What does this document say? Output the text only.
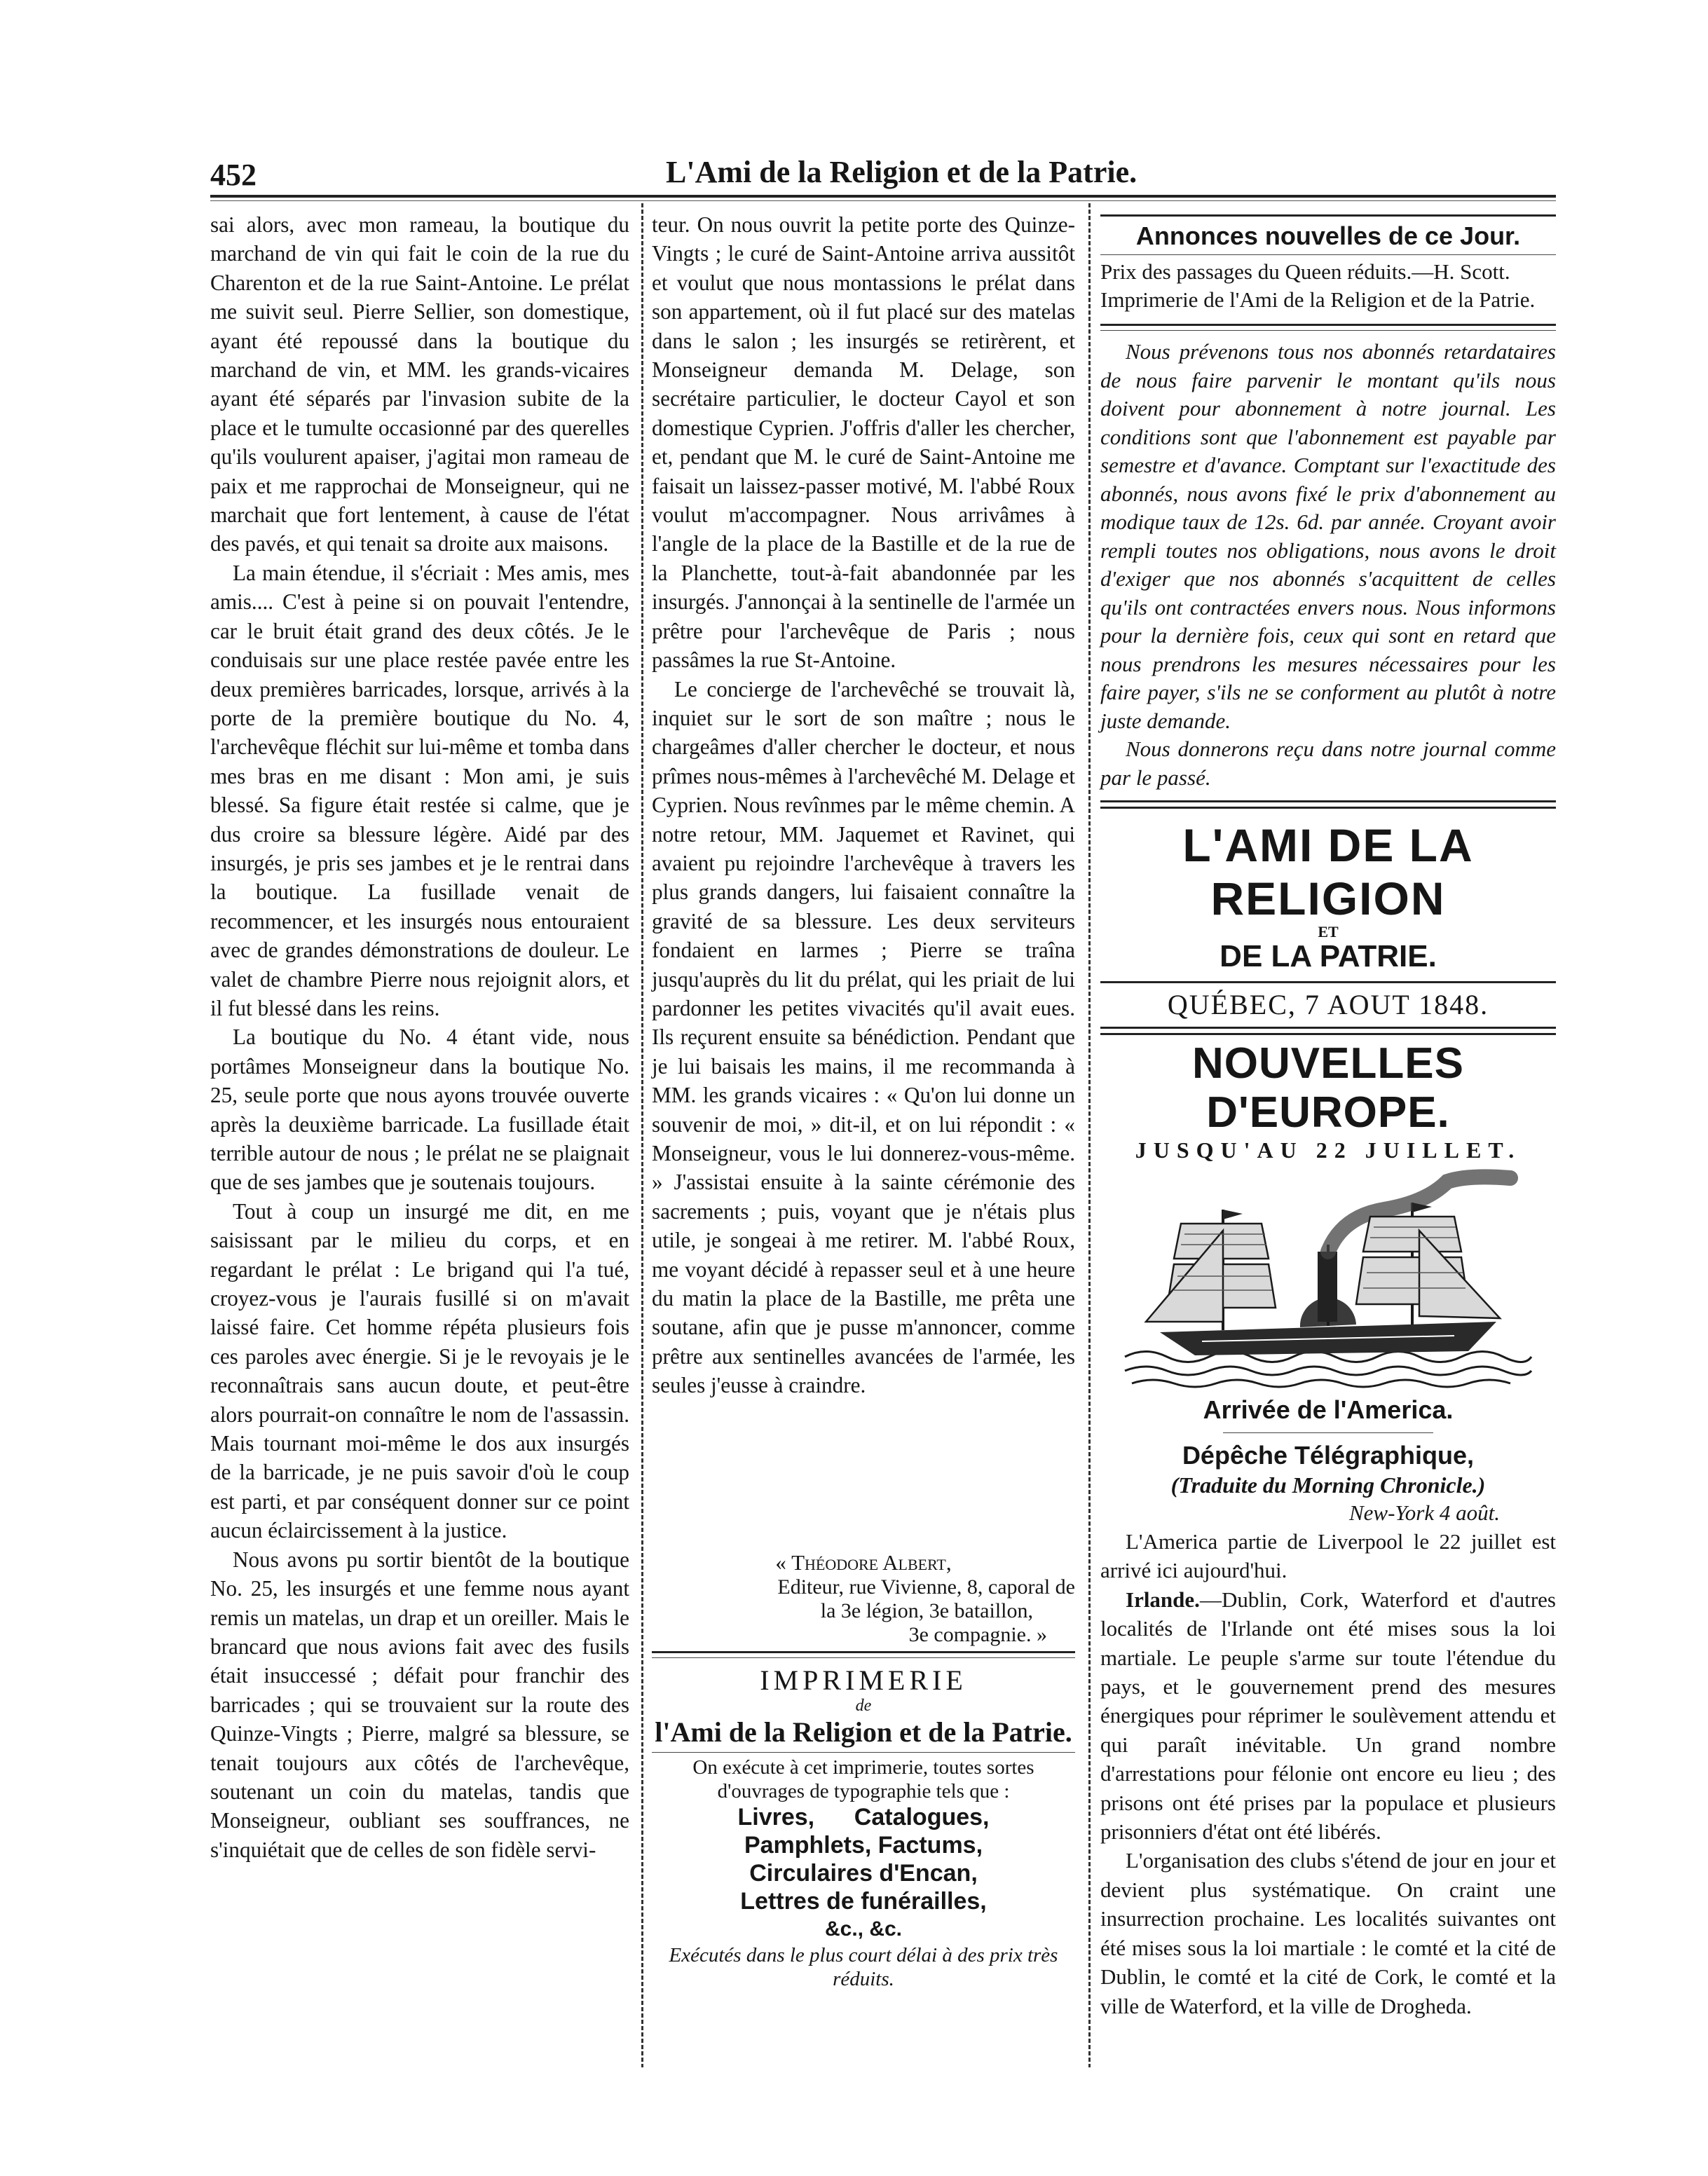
452	L'Ami de la Religion et de la Patrie.

sai alors, avec mon rameau, la boutique du marchand de vin qui fait le coin de la rue du Charenton et de la rue Saint-Antoine. Le prélat me suivit seul. Pierre Sellier, son domestique, ayant été repoussé dans la boutique du marchand de vin, et MM. les grands-vicaires ayant été séparés par l'invasion subite de la place et le tumulte occasionné par des querelles qu'ils voulurent apaiser, j'agitai mon rameau de paix et me rapprochai de Monseigneur, qui ne marchait que fort lentement, à cause de l'état des pavés, et qui tenait sa droite aux maisons.

La main étendue, il s'écriait : Mes amis, mes amis.... C'est à peine si on pouvait l'entendre, car le bruit était grand des deux côtés. Je le conduisais sur une place restée pavée entre les deux premières barricades, lorsque, arrivés à la porte de la première boutique du No. 4, l'archevêque fléchit sur lui-même et tomba dans mes bras en me disant : Mon ami, je suis blessé. Sa figure était restée si calme, que je dus croire sa blessure légère. Aidé par des insurgés, je pris ses jambes et je le rentrai dans la boutique. La fusillade venait de recommencer, et les insurgés nous entouraient avec de grandes démonstrations de douleur. Le valet de chambre Pierre nous rejoignit alors, et il fut blessé dans les reins.

La boutique du No. 4 étant vide, nous portâmes Monseigneur dans la boutique No. 25, seule porte que nous ayons trouvée ouverte après la deuxième barricade. La fusillade était terrible autour de nous ; le prélat ne se plaignait que de ses jambes que je soutenais toujours.

Tout à coup un insurgé me dit, en me saisissant par le milieu du corps, et en regardant le prélat : Le brigand qui l'a tué, croyez-vous je l'aurais fusillé si on m'avait laissé faire. Cet homme répéta plusieurs fois ces paroles avec énergie. Si je le revoyais je le reconnaîtrais sans aucun doute, et peut-être alors pourrait-on connaître le nom de l'assassin. Mais tournant moi-même le dos aux insurgés de la barricade, je ne puis savoir d'où le coup est parti, et par conséquent donner sur ce point aucun éclaircissement à la justice.

Nous avons pu sortir bientôt de la boutique No. 25, les insurgés et une femme nous ayant remis un matelas, un drap et un oreiller. Mais le brancard que nous avions fait avec des fusils était insuccessé ; défait pour franchir des barricades ; qui se trouvaient sur la route des Quinze-Vingts ; Pierre, malgré sa blessure, se tenait toujours aux côtés de l'archevêque, soutenant un coin du matelas, tandis que Monseigneur, oubliant ses souffrances, ne s'inquiétait que de celles de son fidèle servi-

teur. On nous ouvrit la petite porte des Quinze-Vingts ; le curé de Saint-Antoine arriva aussitôt et voulut que nous montassions le prélat dans son appartement, où il fut placé sur des matelas dans le salon ; les insurgés se retirèrent, et Monseigneur demanda M. Delage, son secrétaire particulier, le docteur Cayol et son domestique Cyprien. J'offris d'aller les chercher, et, pendant que M. le curé de Saint-Antoine me faisait un laissez-passer motivé, M. l'abbé Roux voulut m'accompagner. Nous arrivâmes à l'angle de la place de la Bastille et de la rue de la Planchette, tout-à-fait abandonnée par les insurgés. J'annonçai à la sentinelle de l'armée un prêtre pour l'archevêque de Paris ; nous passâmes la rue St-Antoine.

Le concierge de l'archevêché se trouvait là, inquiet sur le sort de son maître ; nous le chargeâmes d'aller chercher le docteur, et nous prîmes nous-mêmes à l'archevêché M. Delage et Cyprien. Nous revînmes par le même chemin. A notre retour, MM. Jaquemet et Ravinet, qui avaient pu rejoindre l'archevêque à travers les plus grands dangers, lui faisaient connaître la gravité de sa blessure. Les deux serviteurs fondaient en larmes ; Pierre se traîna jusqu'auprès du lit du prélat, qui les priait de lui pardonner les petites vivacités qu'il avait eues. Ils reçurent ensuite sa bénédiction. Pendant que je lui baisais les mains, il me recommanda à MM. les grands vicaires : « Qu'on lui donne un souvenir de moi, » dit-il, et on lui répondit : « Monseigneur, vous le lui donnerez-vous-même. » J'assistai ensuite à la sainte cérémonie des sacrements ; puis, voyant que je n'étais plus utile, je songeai à me retirer. M. l'abbé Roux, me voyant décidé à repasser seul et à une heure du matin la place de la Bastille, me prêta une soutane, afin que je pusse m'annoncer, comme prêtre aux sentinelles avancées de l'armée, les seules j'eusse à craindre.

« Théodore Albert,
Editeur, rue Vivienne, 8, caporal de
la 3e légion, 3e bataillon,
3e compagnie. »
IMPRIMERIE
de
l'Ami de la Religion et de la Patrie.
On exécute à cet imprimerie, toutes sortes
d'ouvrages de typographie tels que :
Livres,      Catalogues,
Pamphlets, Factums,
Circulaires d'Encan,
Lettres de funérailles,
&c., &c.
Exécutés dans le plus court délai à des prix très réduits.
Annonces nouvelles de ce Jour.
Prix des passages du Queen réduits.—H. Scott.
Imprimerie de l'Ami de la Religion et de la Patrie.
Nous prévenons tous nos abonnés retardataires de nous faire parvenir le montant qu'ils nous doivent pour abonnement à notre journal. Les conditions sont que l'abonnement est payable par semestre et d'avance. Comptant sur l'exactitude des abonnés, nous avons fixé le prix d'abonnement au modique taux de 12s. 6d. par année. Croyant avoir rempli toutes nos obligations, nous avons le droit d'exiger que nos abonnés s'acquittent de celles qu'ils ont contractées envers nous. Nous informons pour la dernière fois, ceux qui sont en retard que nous prendrons les mesures nécessaires pour les faire payer, s'ils ne se conforment au plutôt à notre juste demande.
Nous donnerons reçu dans notre journal comme par le passé.
L'AMI DE LA RELIGION
ET
DE LA PATRIE.
QUÉBEC, 7 AOUT 1848.
NOUVELLES D'EUROPE.
JUSQU'AU 22 JUILLET.
Arrivée de l'America.
Dépêche Télégraphique,
(Traduite du Morning Chronicle.)
New-York 4 août.
L'America partie de Liverpool le 22 juillet est arrivé ici aujourd'hui.
Irlande.—Dublin, Cork, Waterford et d'autres localités de l'Irlande ont été mises sous la loi martiale. Le peuple s'arme sur toute l'étendue du pays, et le gouvernement prend des mesures énergiques pour réprimer le soulèvement attendu et qui paraît inévitable. Un grand nombre d'arrestations pour félonie ont encore eu lieu ; des prisons ont été prises par la populace et plusieurs prisonniers d'état ont été libérés.
L'organisation des clubs s'étend de jour en jour et devient plus systématique. On craint une insurrection prochaine. Les localités suivantes ont été mises sous la loi martiale : le comté et la cité de Dublin, le comté et la cité de Cork, le comté et la ville de Waterford, et la ville de Drogheda.
